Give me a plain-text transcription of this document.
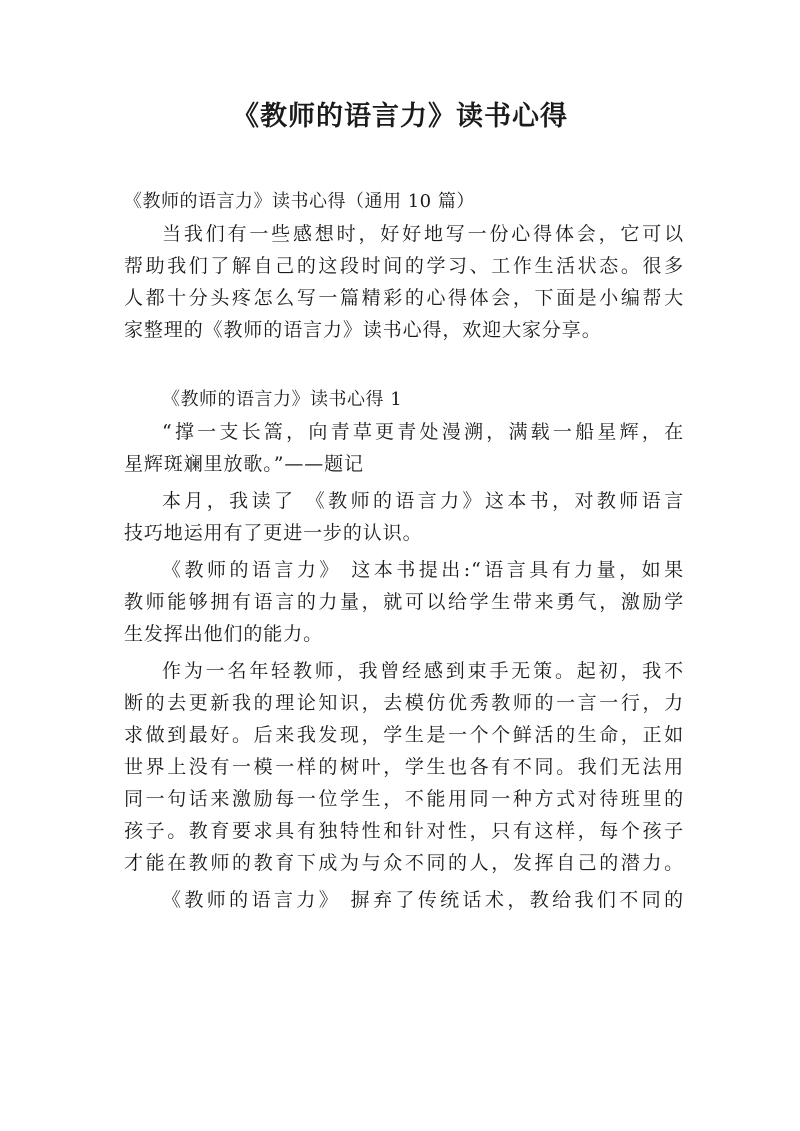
《教师的语言力》读书心得

《教师的语言力》读书心得（通用 10 篇）

当我们有一些感想时，好好地写一份心得体会，它可以

帮助我们了解自己的这段时间的学习、工作生活状态。很多

人都十分头疼怎么写一篇精彩的心得体会，下面是小编帮大

家整理的《教师的语言力》读书心得，欢迎大家分享。

《教师的语言力》读书心得 1

“撑一支长篙，向青草更青处漫溯，满载一船星辉，在

星辉斑斓里放歌。”——题记

本月，我读了 《教师的语言力》这本书，对教师语言

技巧地运用有了更进一步的认识。

《教师的语言力》 这本书提出:“语言具有力量，如果

教师能够拥有语言的力量，就可以给学生带来勇气，激励学

生发挥出他们的能力。

作为一名年轻教师，我曾经感到束手无策。起初，我不

断的去更新我的理论知识，去模仿优秀教师的一言一行，力

求做到最好。后来我发现，学生是一个个鲜活的生命，正如

世界上没有一模一样的树叶，学生也各有不同。我们无法用

同一句话来激励每一位学生，不能用同一种方式对待班里的

孩子。教育要求具有独特性和针对性，只有这样，每个孩子

才能在教师的教育下成为与众不同的人，发挥自己的潜力。

《教师的语言力》 摒弃了传统话术，教给我们不同的
